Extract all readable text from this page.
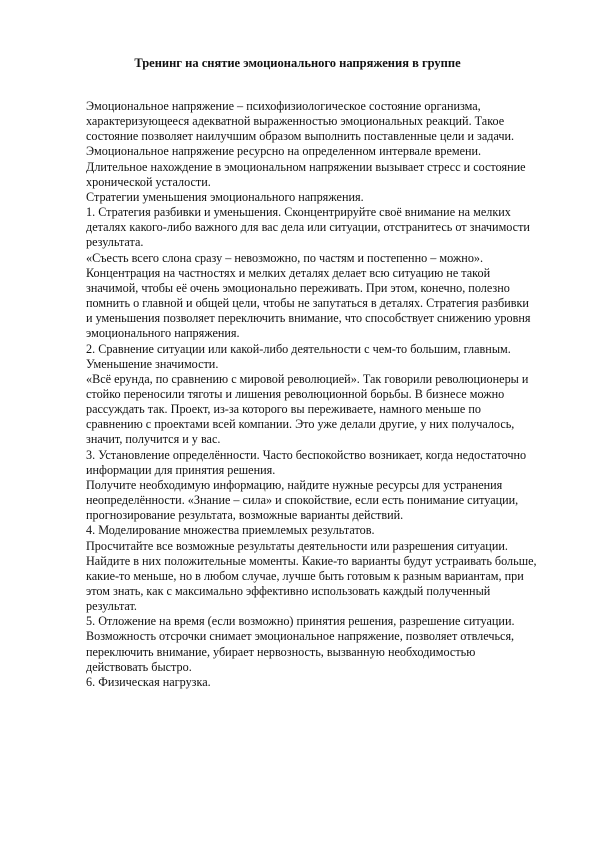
Тренинг на снятие эмоционального напряжения в группе

Эмоциональное напряжение – психофизиологическое состояние организма, характеризующееся адекватной выраженностью эмоциональных реакций. Такое состояние позволяет наилучшим образом выполнить поставленные цели и задачи. Эмоциональное напряжение ресурсно на определенном интервале времени. Длительное нахождение в эмоциональном напряжении вызывает стресс и состояние хронической усталости.

Стратегии уменьшения эмоционального напряжения.

1. Стратегия разбивки и уменьшения. Сконцентрируйте своё внимание на мелких деталях какого-либо важного для вас дела или ситуации, отстранитесь от значимости результата.

«Съесть всего слона сразу – невозможно, по частям и постепенно – можно». Концентрация на частностях и мелких деталях делает всю ситуацию не такой значимой, чтобы её очень эмоционально переживать. При этом, конечно, полезно помнить о главной и общей цели, чтобы не запутаться в деталях. Стратегия разбивки и уменьшения позволяет переключить внимание, что способствует снижению уровня эмоционального напряжения.

2. Сравнение ситуации или какой-либо деятельности с чем-то большим, главным. Уменьшение значимости.

«Всё ерунда, по сравнению с мировой революцией». Так говорили революционеры и стойко переносили тяготы и лишения революционной борьбы. В бизнесе можно рассуждать так. Проект, из-за которого вы переживаете, намного меньше по сравнению с проектами всей компании. Это уже делали другие, у них получалось, значит, получится и у вас.

3. Установление определённости. Часто беспокойство возникает, когда недостаточно информации для принятия решения.

Получите необходимую информацию, найдите нужные ресурсы для устранения неопределённости. «Знание – сила» и спокойствие, если есть понимание ситуации, прогнозирование результата, возможные варианты действий.

4. Моделирование множества приемлемых результатов.

Просчитайте все возможные результаты деятельности или разрешения ситуации. Найдите в них положительные моменты. Какие-то варианты будут устраивать больше, какие-то меньше, но в любом случае, лучше быть готовым к разным вариантам, при этом знать, как с максимально эффективно использовать каждый полученный результат.

5. Отложение на время (если возможно) принятия решения, разрешение ситуации. Возможность отсрочки снимает эмоциональное напряжение, позволяет отвлечься, переключить внимание, убирает нервозность, вызванную необходимостью действовать быстро.

6. Физическая нагрузка.
